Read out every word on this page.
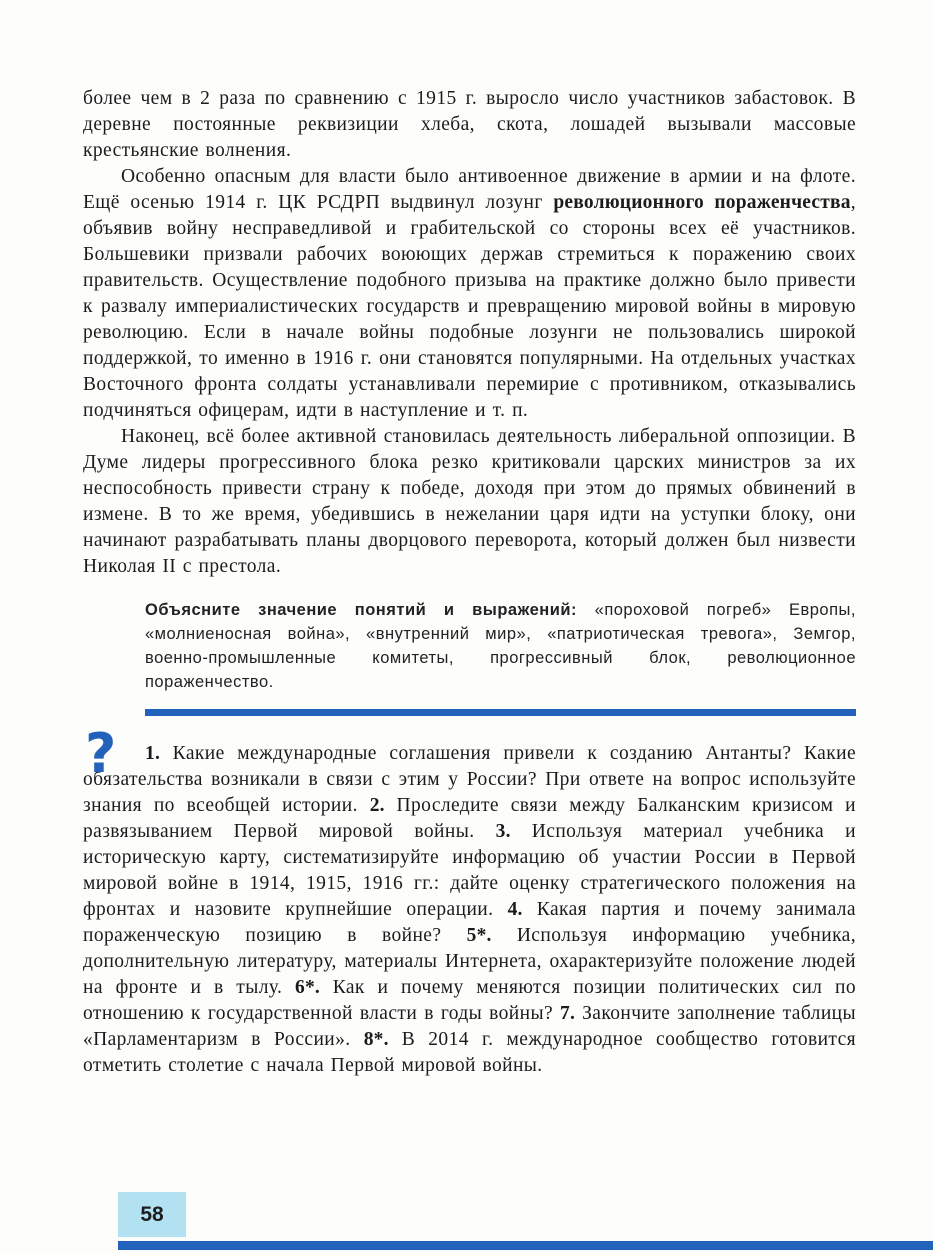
более чем в 2 раза по сравнению с 1915 г. выросло число участников забастовок. В деревне постоянные реквизиции хлеба, скота, лошадей вызывали массовые крестьянские волнения.

Особенно опасным для власти было антивоенное движение в армии и на флоте. Ещё осенью 1914 г. ЦК РСДРП выдвинул лозунг революционного пораженчества, объявив войну несправедливой и грабительской со стороны всех её участников. Большевики призвали рабочих воюющих держав стремиться к поражению своих правительств. Осуществление подобного призыва на практике должно было привести к развалу империалистических государств и превращению мировой войны в мировую революцию. Если в начале войны подобные лозунги не пользовались широкой поддержкой, то именно в 1916 г. они становятся популярными. На отдельных участках Восточного фронта солдаты устанавливали перемирие с противником, отказывались подчиняться офицерам, идти в наступление и т. п.

Наконец, всё более активной становилась деятельность либеральной оппозиции. В Думе лидеры прогрессивного блока резко критиковали царских министров за их неспособность привести страну к победе, доходя при этом до прямых обвинений в измене. В то же время, убедившись в нежелании царя идти на уступки блоку, они начинают разрабатывать планы дворцового переворота, который должен был низвести Николая II с престола.

Объясните значение понятий и выражений: «пороховой погреб» Европы, «молниеносная война», «внутренний мир», «патриотическая тревога», Земгор, военно-промышленные комитеты, прогрессивный блок, революционное пораженчество.

?	1. Какие международные соглашения привели к созданию Антанты? Какие обязательства возникали в связи с этим у России? При ответе на вопрос используйте знания по всеобщей истории. 2. Проследите связи между Балканским кризисом и развязыванием Первой мировой войны. 3. Используя материал учебника и историческую карту, систематизируйте информацию об участии России в Первой мировой войне в 1914, 1915, 1916 гг.: дайте оценку стратегического положения на фронтах и назовите крупнейшие операции. 4. Какая партия и почему занимала пораженческую позицию в войне? 5*. Используя информацию учебника, дополнительную литературу, материалы Интернета, охарактеризуйте положение людей на фронте и в тылу. 6*. Как и почему меняются позиции политических сил по отношению к государственной власти в годы войны? 7. Закончите заполнение таблицы «Парламентаризм в России». 8*. В 2014 г. международное сообщество готовится отметить столетие с начала Первой мировой войны.

58
